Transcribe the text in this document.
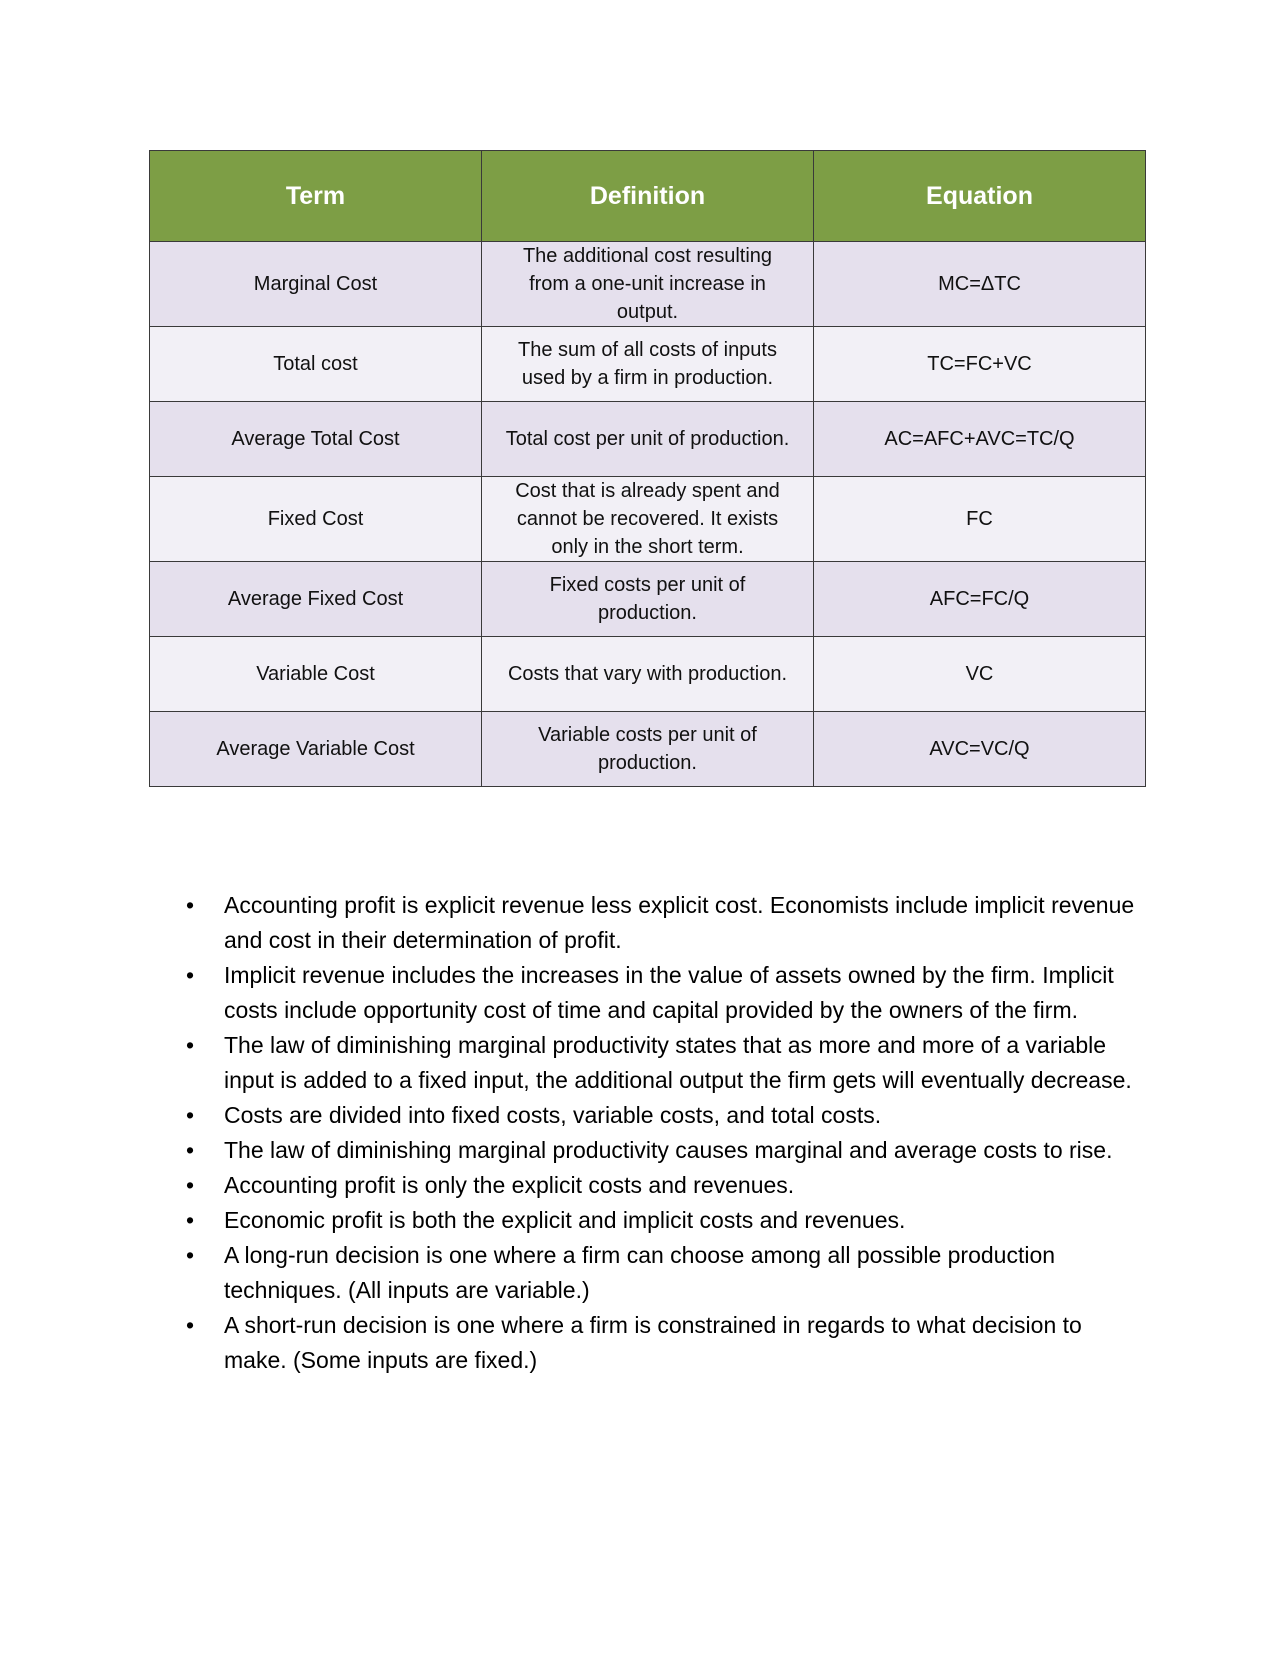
Term	Definition	Equation
Marginal Cost	The additional cost resulting from a one-unit increase in output.	MC=ΔTC
Total cost	The sum of all costs of inputs used by a firm in production.	TC=FC+VC
Average Total Cost	Total cost per unit of production.	AC=AFC+AVC=TC/Q
Fixed Cost	Cost that is already spent and cannot be recovered. It exists only in the short term.	FC
Average Fixed Cost	Fixed costs per unit of production.	AFC=FC/Q
Variable Cost	Costs that vary with production.	VC
Average Variable Cost	Variable costs per unit of production.	AVC=VC/Q
•	Accounting profit is explicit revenue less explicit cost. Economists include implicit revenue and cost in their determination of profit.
•	Implicit revenue includes the increases in the value of assets owned by the firm. Implicit costs include opportunity cost of time and capital provided by the owners of the firm.
•	The law of diminishing marginal productivity states that as more and more of a variable input is added to a fixed input, the additional output the firm gets will eventually decrease.
•	Costs are divided into fixed costs, variable costs, and total costs.
•	The law of diminishing marginal productivity causes marginal and average costs to rise.
•	Accounting profit is only the explicit costs and revenues.
•	Economic profit is both the explicit and implicit costs and revenues.
•	A long-run decision is one where a firm can choose among all possible production techniques. (All inputs are variable.)
•	A short-run decision is one where a firm is constrained in regards to what decision to make. (Some inputs are fixed.)
